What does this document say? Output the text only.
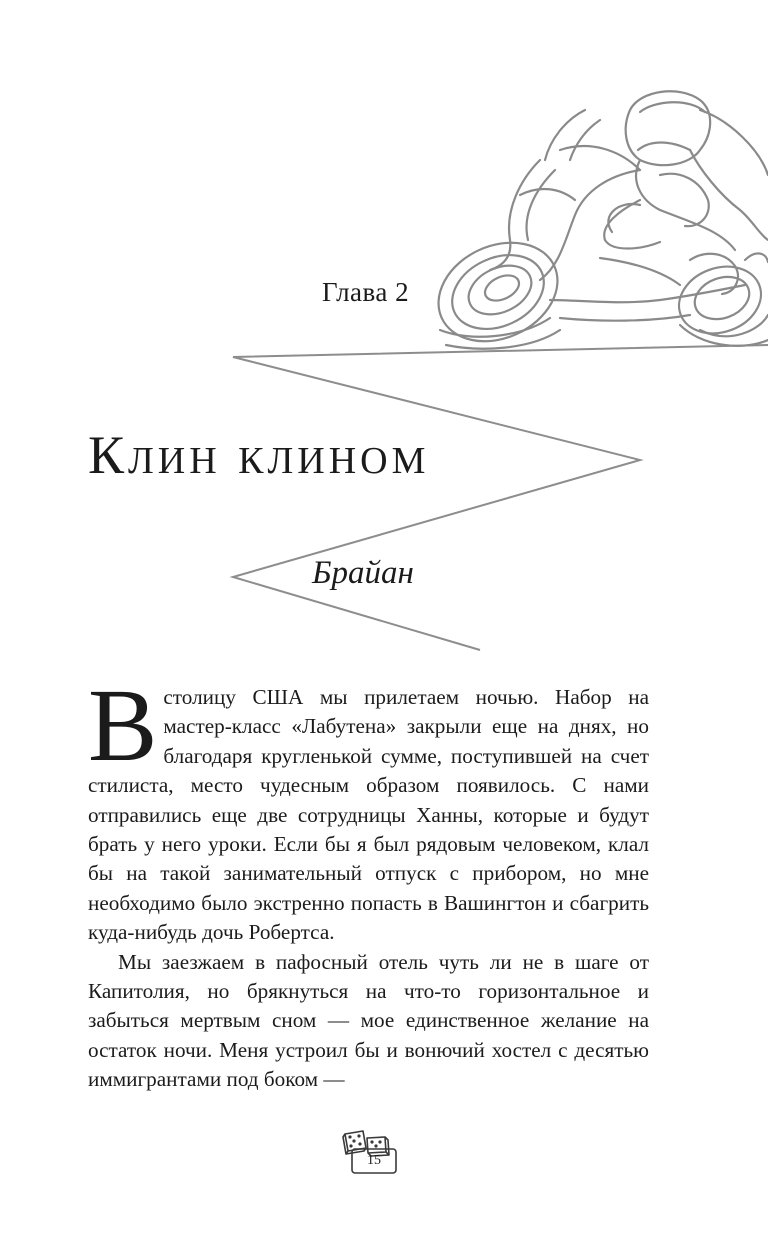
Глава 2
Клин клином
Брайан

В столицу США мы прилетаем ночью. Набор на мастер-класс «Лабутена» закрыли еще на днях, но благодаря кругленькой сумме, поступившей на счет стилиста, место чудесным образом появилось. С нами отправились еще две сотрудницы Ханны, которые и будут брать у него уроки. Если бы я был рядовым человеком, клал бы на такой занимательный отпуск с прибором, но мне необходимо было экстренно попасть в Вашингтон и сбагрить куда-нибудь дочь Робертса.

Мы заезжаем в пафосный отель чуть ли не в шаге от Капитолия, но брякнуться на что-то горизонтальное и забыться мертвым сном — мое единственное желание на остаток ночи. Меня устроил бы и вонючий хостел с десятью иммигрантами под боком —

15
